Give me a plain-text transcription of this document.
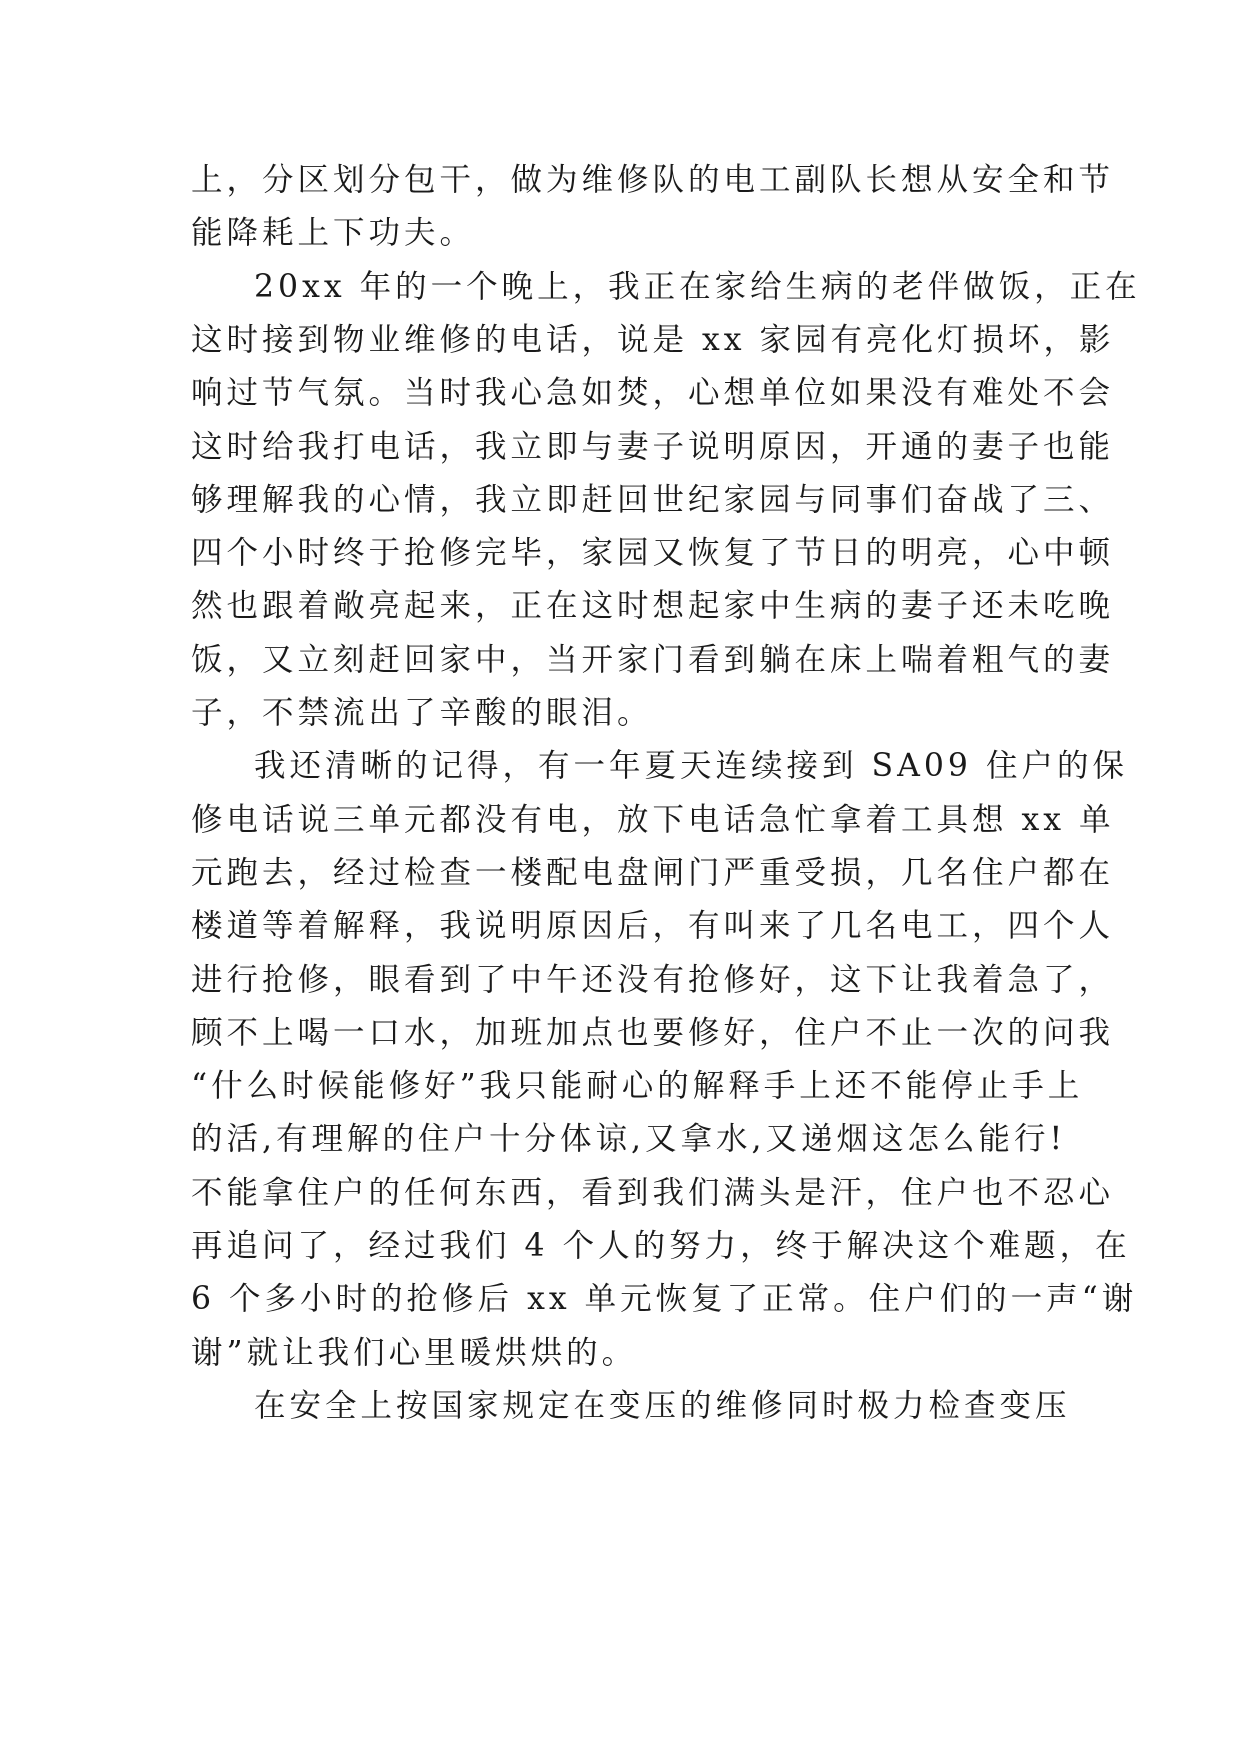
上，分区划分包干，做为维修队的电工副队长想从安全和节
能降耗上下功夫。
20xx 年的一个晚上，我正在家给生病的老伴做饭，正在
这时接到物业维修的电话，说是 xx 家园有亮化灯损坏，影
响过节气氛。当时我心急如焚，心想单位如果没有难处不会
这时给我打电话，我立即与妻子说明原因，开通的妻子也能
够理解我的心情，我立即赶回世纪家园与同事们奋战了三、
四个小时终于抢修完毕，家园又恢复了节日的明亮，心中顿
然也跟着敞亮起来，正在这时想起家中生病的妻子还未吃晚
饭，又立刻赶回家中，当开家门看到躺在床上喘着粗气的妻
子，不禁流出了辛酸的眼泪。
我还清晰的记得，有一年夏天连续接到 SA09 住户的保
修电话说三单元都没有电，放下电话急忙拿着工具想 xx 单
元跑去，经过检查一楼配电盘闸门严重受损，几名住户都在
楼道等着解释，我说明原因后，有叫来了几名电工，四个人
进行抢修，眼看到了中午还没有抢修好，这下让我着急了，
顾不上喝一口水，加班加点也要修好，住户不止一次的问我
“什么时候能修好”我只能耐心的解释手上还不能停止手上
的活,有理解的住户十分体谅,又拿水,又递烟这怎么能行!
不能拿住户的任何东西，看到我们满头是汗，住户也不忍心
再追问了，经过我们 4 个人的努力，终于解决这个难题，在
6 个多小时的抢修后 xx 单元恢复了正常。住户们的一声“谢
谢”就让我们心里暖烘烘的。
在安全上按国家规定在变压的维修同时极力检查变压
